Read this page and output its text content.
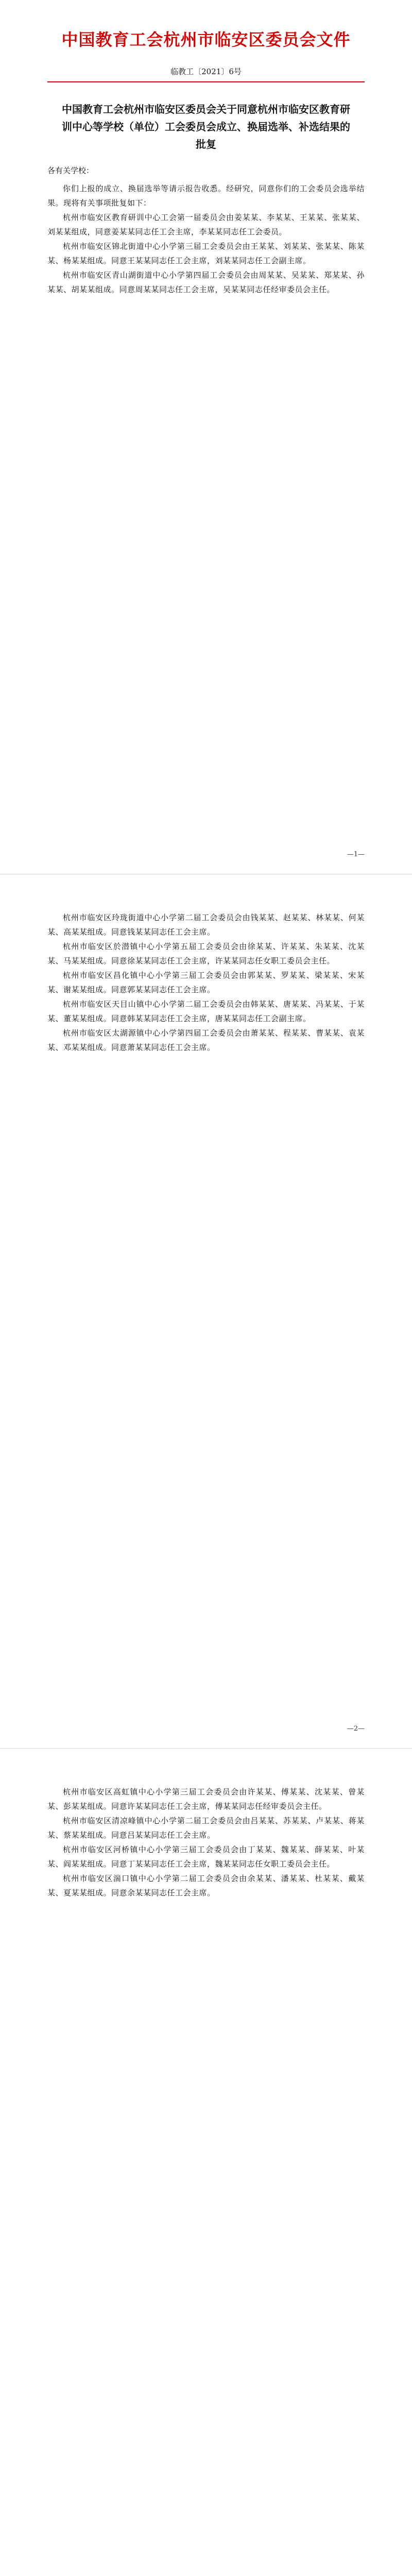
中国教育工会杭州市临安区委员会文件
临教工〔2021〕6号
中国教育工会杭州市临安区委员会关于同意杭州市临安区教育研训中心等学校（单位）工会委员会成立、换届选举、补选结果的批复
各有关学校：

你们上报的成立、换届选举等请示报告收悉。经研究，同意你们的工会委员会选举结果。现将有关事项批复如下：

杭州市临安区教育研训中心工会第一届委员会由姜某某、李某某、王某某、张某某、刘某某组成，同意姜某某同志任工会主席，李某某同志任工会委员。

杭州市临安区锦北街道中心小学第三届工会委员会由王某某、刘某某、张某某、陈某某、杨某某组成。同意王某某同志任工会主席，刘某某同志任工会副主席。

杭州市临安区青山湖街道中心小学第四届工会委员会由周某某、吴某某、郑某某、孙某某、胡某某组成。同意周某某同志任工会主席，吴某某同志任经审委员会主任。

—1—

杭州市临安区玲珑街道中心小学第二届工会委员会由钱某某、赵某某、林某某、何某某、高某某组成。同意钱某某同志任工会主席。

杭州市临安区於潜镇中心小学第五届工会委员会由徐某某、许某某、朱某某、沈某某、马某某组成。同意徐某某同志任工会主席，许某某同志任女职工委员会主任。

杭州市临安区昌化镇中心小学第三届工会委员会由郭某某、罗某某、梁某某、宋某某、谢某某组成。同意郭某某同志任工会主席。

杭州市临安区天目山镇中心小学第二届工会委员会由韩某某、唐某某、冯某某、于某某、董某某组成。同意韩某某同志任工会主席，唐某某同志任工会副主席。

杭州市临安区太湖源镇中心小学第四届工会委员会由萧某某、程某某、曹某某、袁某某、邓某某组成。同意萧某某同志任工会主席。

—2—

杭州市临安区高虹镇中心小学第三届工会委员会由许某某、傅某某、沈某某、曾某某、彭某某组成。同意许某某同志任工会主席，傅某某同志任经审委员会主任。

杭州市临安区清凉峰镇中心小学第二届工会委员会由吕某某、苏某某、卢某某、蒋某某、蔡某某组成。同意吕某某同志任工会主席。

杭州市临安区河桥镇中心小学第三届工会委员会由丁某某、魏某某、薛某某、叶某某、阎某某组成。同意丁某某同志任工会主席，魏某某同志任女职工委员会主任。

杭州市临安区湍口镇中心小学第二届工会委员会由余某某、潘某某、杜某某、戴某某、夏某某组成。同意余某某同志任工会主席。
